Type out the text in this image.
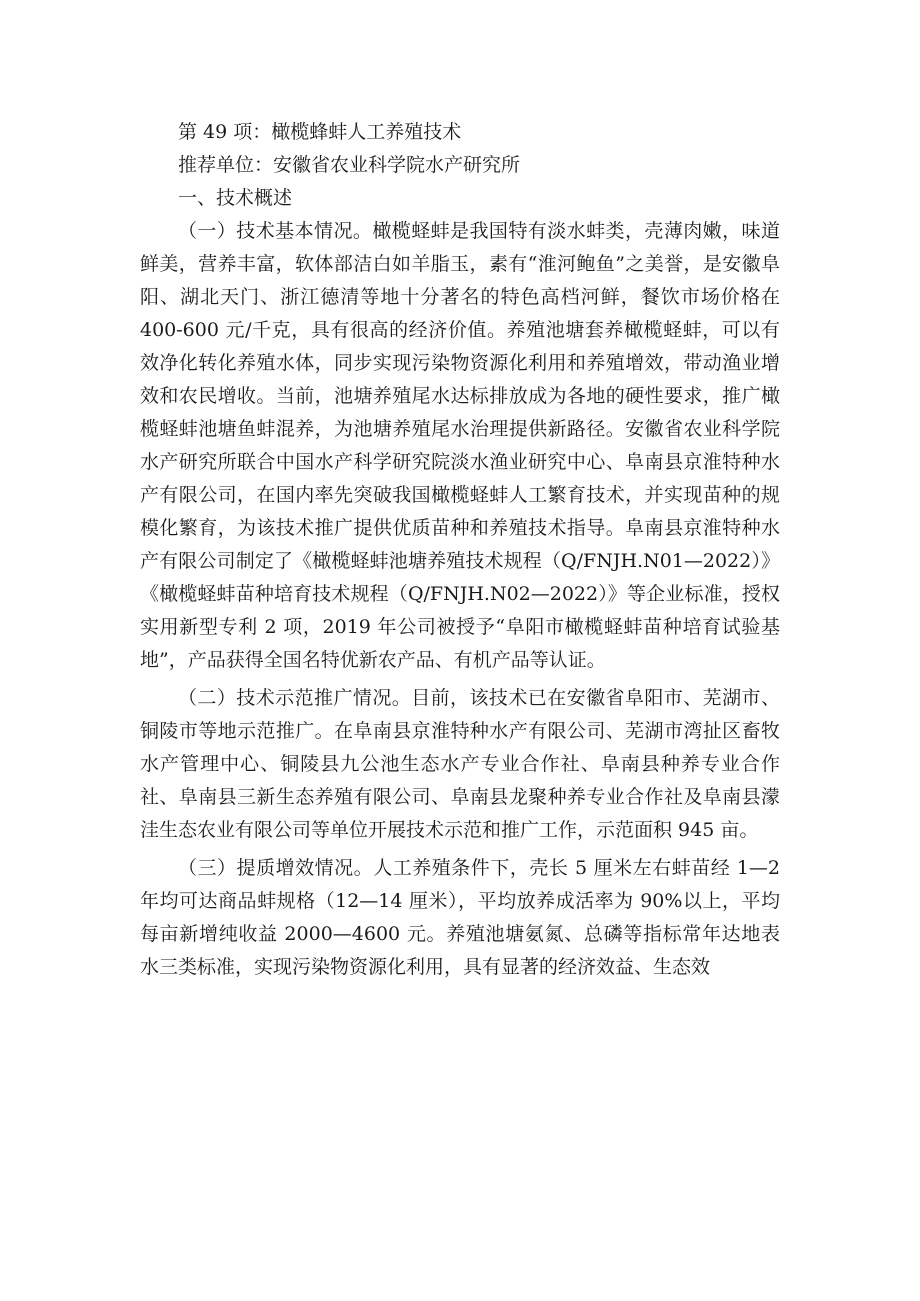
第 49 项：橄榄蜂蚌人工养殖技术

推荐单位：安徽省农业科学院水产研究所

一、技术概述

（一）技术基本情况。橄榄蛏蚌是我国特有淡水蚌类，壳薄肉嫩，味道鲜美，营养丰富，软体部洁白如羊脂玉，素有“淮河鲍鱼”之美誉，是安徽阜阳、湖北天门、浙江德清等地十分著名的特色高档河鲜，餐饮市场价格在 400-600 元/千克，具有很高的经济价值。养殖池塘套养橄榄蛏蚌，可以有效净化转化养殖水体，同步实现污染物资源化利用和养殖增效，带动渔业增效和农民增收。当前，池塘养殖尾水达标排放成为各地的硬性要求，推广橄榄蛏蚌池塘鱼蚌混养，为池塘养殖尾水治理提供新路径。安徽省农业科学院水产研究所联合中国水产科学研究院淡水渔业研究中心、阜南县京淮特种水产有限公司，在国内率先突破我国橄榄蛏蚌人工繁育技术，并实现苗种的规模化繁育，为该技术推广提供优质苗种和养殖技术指导。阜南县京淮特种水产有限公司制定了《橄榄蛏蚌池塘养殖技术规程（Q/FNJH.N01—2022）》《橄榄蛏蚌苗种培育技术规程（Q/FNJH.N02—2022）》等企业标准，授权实用新型专利 2 项，2019 年公司被授予“阜阳市橄榄蛏蚌苗种培育试验基地”，产品获得全国名特优新农产品、有机产品等认证。

（二）技术示范推广情况。目前，该技术已在安徽省阜阳市、芜湖市、铜陵市等地示范推广。在阜南县京淮特种水产有限公司、芜湖市湾扯区畜牧水产管理中心、铜陵县九公池生态水产专业合作社、阜南县种养专业合作社、阜南县三新生态养殖有限公司、阜南县龙聚种养专业合作社及阜南县濛洼生态农业有限公司等单位开展技术示范和推广工作，示范面积 945 亩。

（三）提质增效情况。人工养殖条件下，壳长 5 厘米左右蚌苗经 1—2 年均可达商品蚌规格（12—14 厘米），平均放养成活率为 90%以上，平均每亩新增纯收益 2000—4600 元。养殖池塘氨氮、总磷等指标常年达地表水三类标准，实现污染物资源化利用，具有显著的经济效益、生态效
